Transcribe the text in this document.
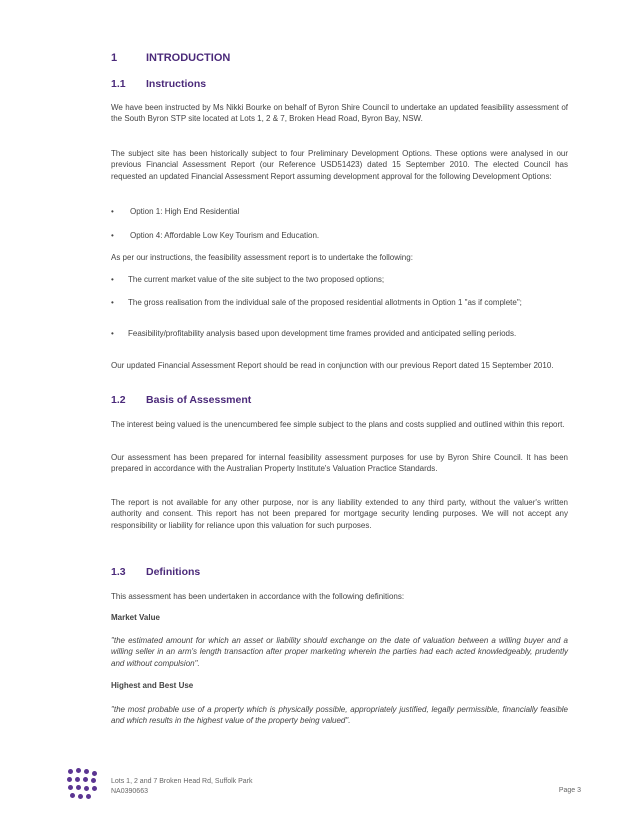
1	INTRODUCTION
1.1 Instructions

We have been instructed by Ms Nikki Bourke on behalf of Byron Shire Council to undertake an updated feasibility assessment of the South Byron STP site located at Lots 1, 2 & 7, Broken Head Road, Byron Bay, NSW.

The subject site has been historically subject to four Preliminary Development Options. These options were analysed in our previous Financial Assessment Report (our Reference USD51423) dated 15 September 2010. The elected Council has requested an updated Financial Assessment Report assuming development approval for the following Development Options:

• Option 1: High End Residential
• Option 4: Affordable Low Key Tourism and Education.

As per our instructions, the feasibility assessment report is to undertake the following:

• The current market value of the site subject to the two proposed options;
• The gross realisation from the individual sale of the proposed residential allotments in Option 1 "as if complete";
• Feasibility/profitability analysis based upon development time frames provided and anticipated selling periods.

Our updated Financial Assessment Report should be read in conjunction with our previous Report dated 15 September 2010.

1.2 Basis of Assessment

The interest being valued is the unencumbered fee simple subject to the plans and costs supplied and outlined within this report.

Our assessment has been prepared for internal feasibility assessment purposes for use by Byron Shire Council. It has been prepared in accordance with the Australian Property Institute's Valuation Practice Standards.

The report is not available for any other purpose, nor is any liability extended to any third party, without the valuer's written authority and consent. This report has not been prepared for mortgage security lending purposes. We will not accept any responsibility or liability for reliance upon this valuation for such purposes.

1.3 Definitions

This assessment has been undertaken in accordance with the following definitions:

Market Value

"the estimated amount for which an asset or liability should exchange on the date of valuation between a willing buyer and a willing seller in an arm's length transaction after proper marketing wherein the parties had each acted knowledgeably, prudently and without compulsion".

Highest and Best Use

"the most probable use of a property which is physically possible, appropriately justified, legally permissible, financially feasible and which results in the highest value of the property being valued".

Lots 1, 2 and 7 Broken Head Rd, Suffolk Park
NA0390663	Page 3
